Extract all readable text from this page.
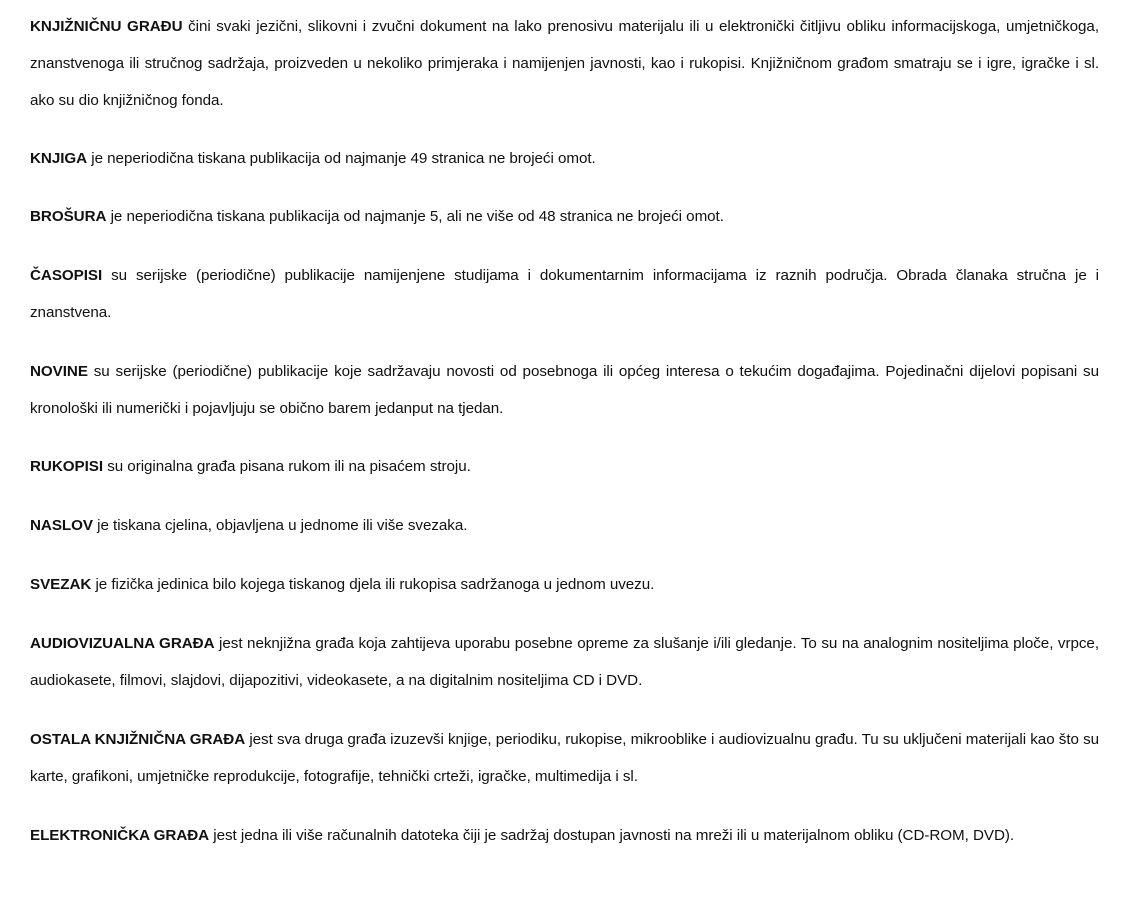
KNJIŽNIČNU GRAĐU čini svaki jezični, slikovni i zvučni dokument na lako prenosivu materijalu ili u elektronički čitljivu obliku informacijskoga, umjetničkoga, znanstvenoga ili stručnog sadržaja, proizveden u nekoliko primjeraka i namijenjen javnosti, kao i rukopisi. Knjižničnom građom smatraju se i igre, igračke i sl. ako su dio knjižničnog fonda.

KNJIGA je neperiodična tiskana publikacija od najmanje 49 stranica ne brojeći omot.

BROŠURA je neperiodična tiskana publikacija od najmanje 5, ali ne više od 48 stranica ne brojeći omot.

ČASOPISI su serijske (periodične) publikacije namijenjene studijama i dokumentarnim informacijama iz raznih područja. Obrada članaka stručna je i znanstvena.

NOVINE su serijske (periodične) publikacije koje sadržavaju novosti od posebnoga ili općeg interesa o tekućim događajima. Pojedinačni dijelovi popisani su kronološki ili numerički i pojavljuju se obično barem jedanput na tjedan.

RUKOPISI su originalna građa pisana rukom ili na pisaćem stroju.

NASLOV je tiskana cjelina, objavljena u jednome ili više svezaka.

SVEZAK je fizička jedinica bilo kojega tiskanog djela ili rukopisa sadržanoga u jednom uvezu.

AUDIOVIZUALNA GRAĐA jest neknjižna građa koja zahtijeva uporabu posebne opreme za slušanje i/ili gledanje. To su na analognim nositeljima ploče, vrpce, audiokasete, filmovi, slajdovi, dijapozitivi, videokasete, a na digitalnim nositeljima CD i DVD.

OSTALA KNJIŽNIČNA GRAĐA jest sva druga građa izuzevši knjige, periodiku, rukopise, mikrooblike i audiovizualnu građu. Tu su uključeni materijali kao što su karte, grafikoni, umjetničke reprodukcije, fotografije, tehnički crteži, igračke, multimedija i sl.

ELEKTRONIČKA GRAĐA jest jedna ili više računalnih datoteka čiji je sadržaj dostupan javnosti na mreži ili u materijalnom obliku (CD-ROM, DVD).
